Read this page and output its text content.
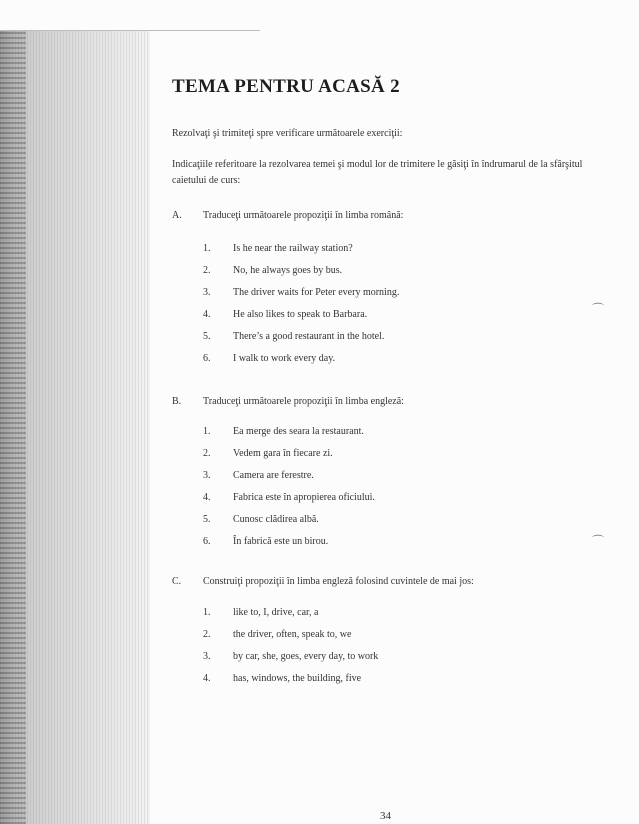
TEMA PENTRU ACASĂ 2
Rezolvaţi şi trimiteţi spre verificare următoarele exerciţii:
Indicaţiile referitoare la rezolvarea temei şi modul lor de trimitere le găsiţi în îndrumarul de la sfârşitul caietului de curs:
A. Traduceţi următoarele propoziţii în limba română:
1. Is he near the railway station?
2. No, he always goes by bus.
3. The driver waits for Peter every morning.
4. He also likes to speak to Barbara.
5. There’s a good restaurant in the hotel.
6. I walk to work every day.
B. Traduceţi următoarele propoziţii în limba engleză:
1. Ea merge des seara la restaurant.
2. Vedem gara în fiecare zi.
3. Camera are ferestre.
4. Fabrica este în apropierea oficiului.
5. Cunosc clădirea albă.
6. În fabrică este un birou.
C. Construiţi propoziţii în limba engleză folosind cuvintele de mai jos:
1. like to, I, drive, car, a
2. the driver, often, speak to, we
3. by car, she, goes, every day, to work
4. has, windows, the building, five
34
⌒
⌒
